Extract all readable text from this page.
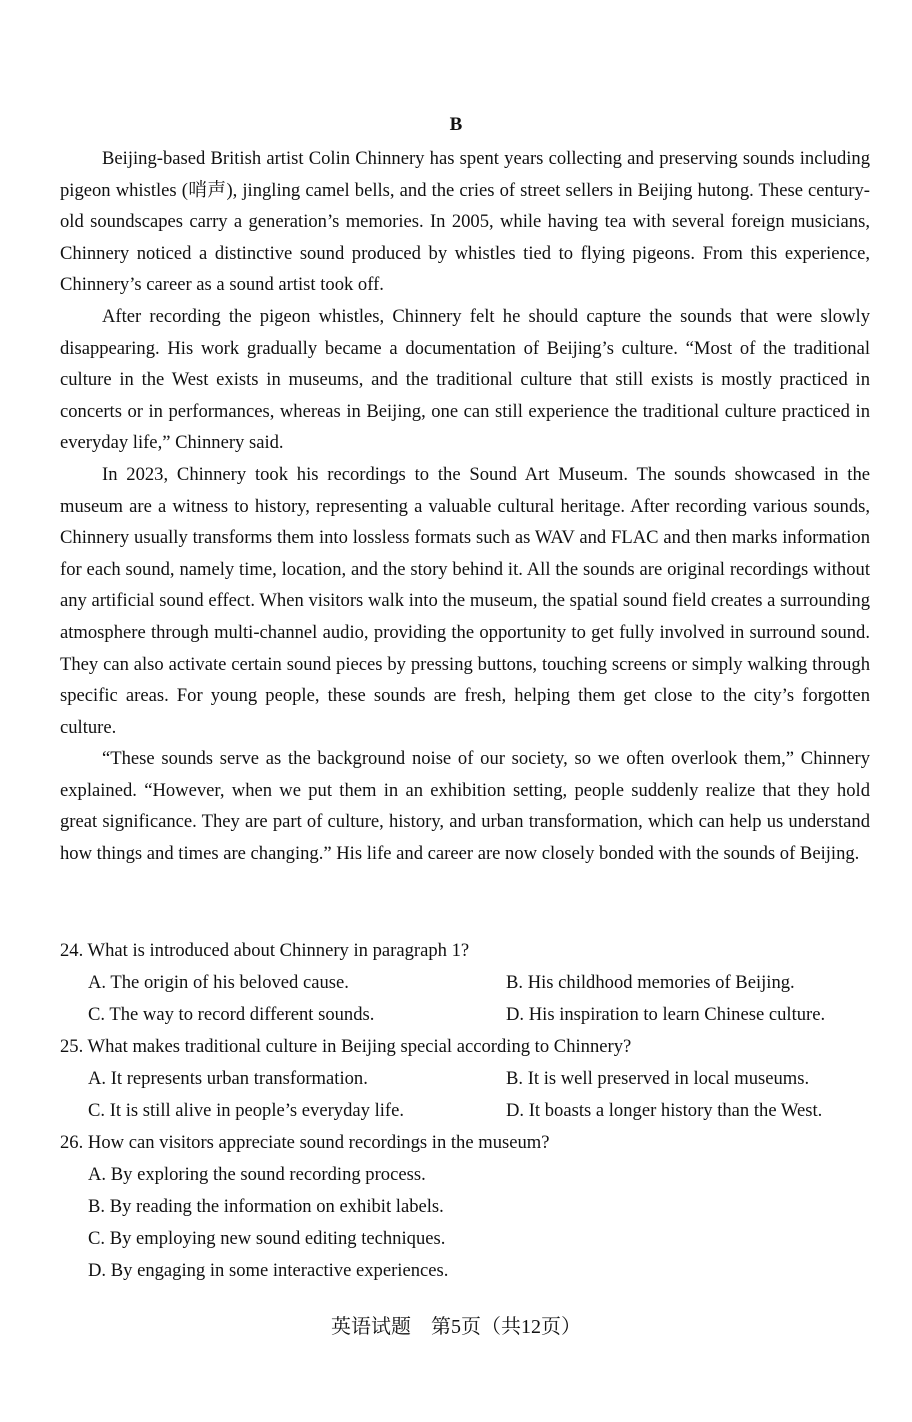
B

Beijing-based British artist Colin Chinnery has spent years collecting and preserving sounds including pigeon whistles (哨声), jingling camel bells, and the cries of street sellers in Beijing hutong. These century-old soundscapes carry a generation’s memories. In 2005, while having tea with several foreign musicians, Chinnery noticed a distinctive sound produced by whistles tied to flying pigeons. From this experience, Chinnery’s career as a sound artist took off.

After recording the pigeon whistles, Chinnery felt he should capture the sounds that were slowly disappearing. His work gradually became a documentation of Beijing’s culture. “Most of the traditional culture in the West exists in museums, and the traditional culture that still exists is mostly practiced in concerts or in performances, whereas in Beijing, one can still experience the traditional culture practiced in everyday life,” Chinnery said.

In 2023, Chinnery took his recordings to the Sound Art Museum. The sounds showcased in the museum are a witness to history, representing a valuable cultural heritage. After recording various sounds, Chinnery usually transforms them into lossless formats such as WAV and FLAC and then marks information for each sound, namely time, location, and the story behind it. All the sounds are original recordings without any artificial sound effect. When visitors walk into the museum, the spatial sound field creates a surrounding atmosphere through multi-channel audio, providing the opportunity to get fully involved in surround sound. They can also activate certain sound pieces by pressing buttons, touching screens or simply walking through specific areas. For young people, these sounds are fresh, helping them get close to the city’s forgotten culture.

“These sounds serve as the background noise of our society, so we often overlook them,” Chinnery explained. “However, when we put them in an exhibition setting, people suddenly realize that they hold great significance. They are part of culture, history, and urban transformation, which can help us understand how things and times are changing.” His life and career are now closely bonded with the sounds of Beijing.

24. What is introduced about Chinnery in paragraph 1?

A. The origin of his beloved cause.	B. His childhood memories of Beijing.
C. The way to record different sounds.	D. His inspiration to learn Chinese culture.

25. What makes traditional culture in Beijing special according to Chinnery?

A. It represents urban transformation.	B. It is well preserved in local museums.
C. It is still alive in people’s everyday life.	D. It boasts a longer history than the West.

26. How can visitors appreciate sound recordings in the museum?

A. By exploring the sound recording process.
B. By reading the information on exhibit labels.
C. By employing new sound editing techniques.
D. By engaging in some interactive experiences.
英语试题　第5页（共12页）
